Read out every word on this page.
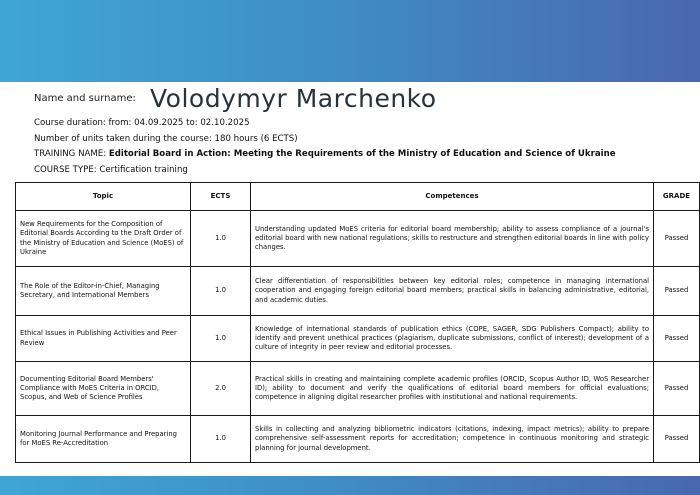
Name and surname: Volodymyr Marchenko
Course duration: from: 04.09.2025 to: 02.10.2025
Number of units taken during the course: 180 hours (6 ECTS)
TRAINING NAME: Editorial Board in Action: Meeting the Requirements of the Ministry of Education and Science of Ukraine
COURSE TYPE: Certification training
Topic	ECTS	Competences	GRADE
New Requirements for the Composition of Editorial Boards According to the Draft Order of the Ministry of Education and Science (MoES) of Ukraine	1.0	Understanding updated MoES criteria for editorial board membership; ability to assess compliance of a journal's editorial board with new national regulations; skills to restructure and strengthen editorial boards in line with policy changes.	Passed
The Role of the Editor-in-Chief, Managing Secretary, and International Members	1.0	Clear differentiation of responsibilities between key editorial roles; competence in managing international cooperation and engaging foreign editorial board members; practical skills in balancing administrative, editorial, and academic duties.	Passed
Ethical Issues in Publishing Activities and Peer Review	1.0	Knowledge of international standards of publication ethics (COPE, SAGER, SDG Publishers Compact); ability to identify and prevent unethical practices (plagiarism, duplicate submissions, conflict of interest); development of a culture of integrity in peer review and editorial processes.	Passed
Documenting Editorial Board Members' Compliance with MoES Criteria in ORCID, Scopus, and Web of Science Profiles	2.0	Practical skills in creating and maintaining complete academic profiles (ORCID, Scopus Author ID, WoS Researcher ID); ability to document and verify the qualifications of editorial board members for official evaluations; competence in aligning digital researcher profiles with institutional and national requirements.	Passed
Monitoring Journal Performance and Preparing for MoES Re-Accreditation	1.0	Skills in collecting and analyzing bibliometric indicators (citations, indexing, impact metrics); ability to prepare comprehensive self-assessment reports for accreditation; competence in continuous monitoring and strategic planning for journal development.	Passed
